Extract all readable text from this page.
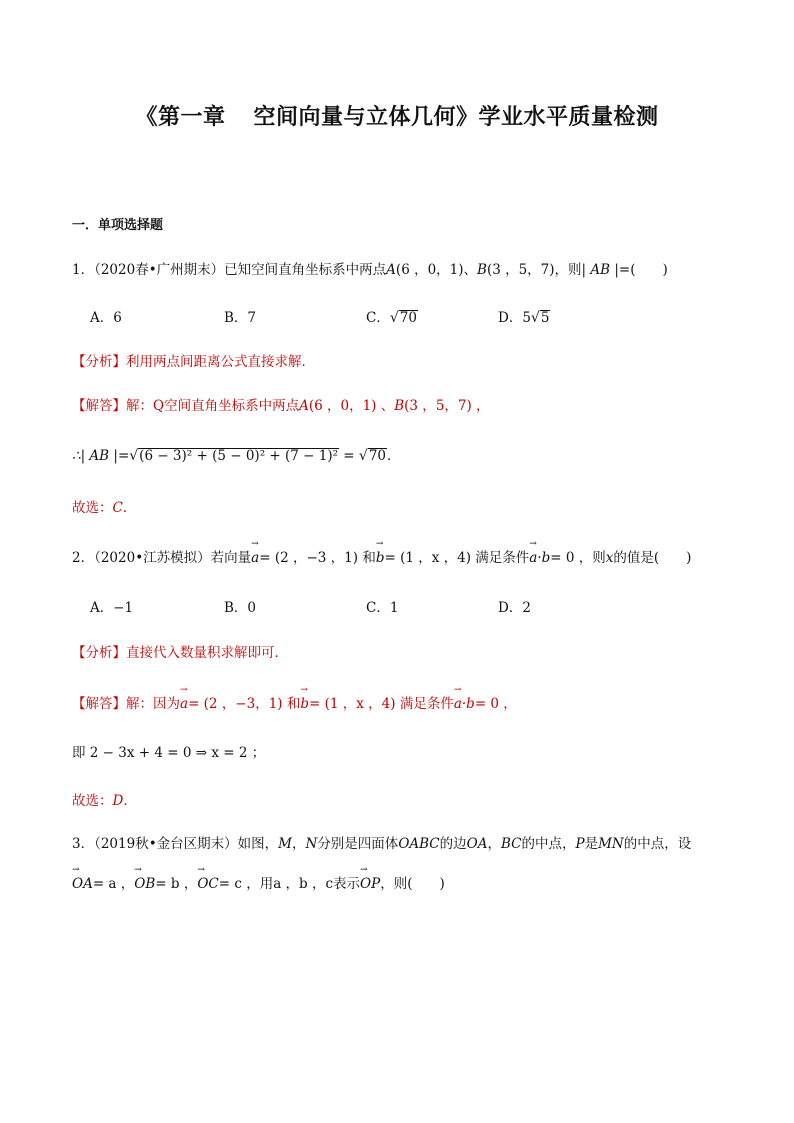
《第一章 空间向量与立体几何》学业水平质量检测
一．单项选择题
1．（2020春•广州期末）已知空间直角坐标系中两点A(6 ，0，1)、B(3 ，5，7)，则| AB |=(　　)
A．6	B．7	C．√70	D．5√5
【分析】利用两点间距离公式直接求解．
【解答】解：Q空间直角坐标系中两点A(6 ，0，1) 、B(3 ，5，7) ，
∴| AB |=√(6 − 3)² + (5 − 0)² + (7 − 1)² = √70．
故选：C．
2．（2020•江苏模拟）若向量→ a= (2 ，−3 ，1) 和→ b= (1 ，x ，4) 满足条件→ a·b= 0 ，则x的值是(　　)
A．−1	B．0	C．1	D．2
【分析】直接代入数量积求解即可．
【解答】解：因为→ a= (2 ，−3，1) 和→ b= (1 ，x ，4) 满足条件→ a·b= 0 ，
即 2 − 3x + 4 = 0 ⇒ x = 2 ；
故选：D．
3．（2019秋•金台区期末）如图，M，N分别是四面体OABC的边OA，BC的中点，P是MN的中点，设
→ OA= a ，→ OB= b ，→ OC= c ，用a ，b ，c表示→ OP，则(　　)
